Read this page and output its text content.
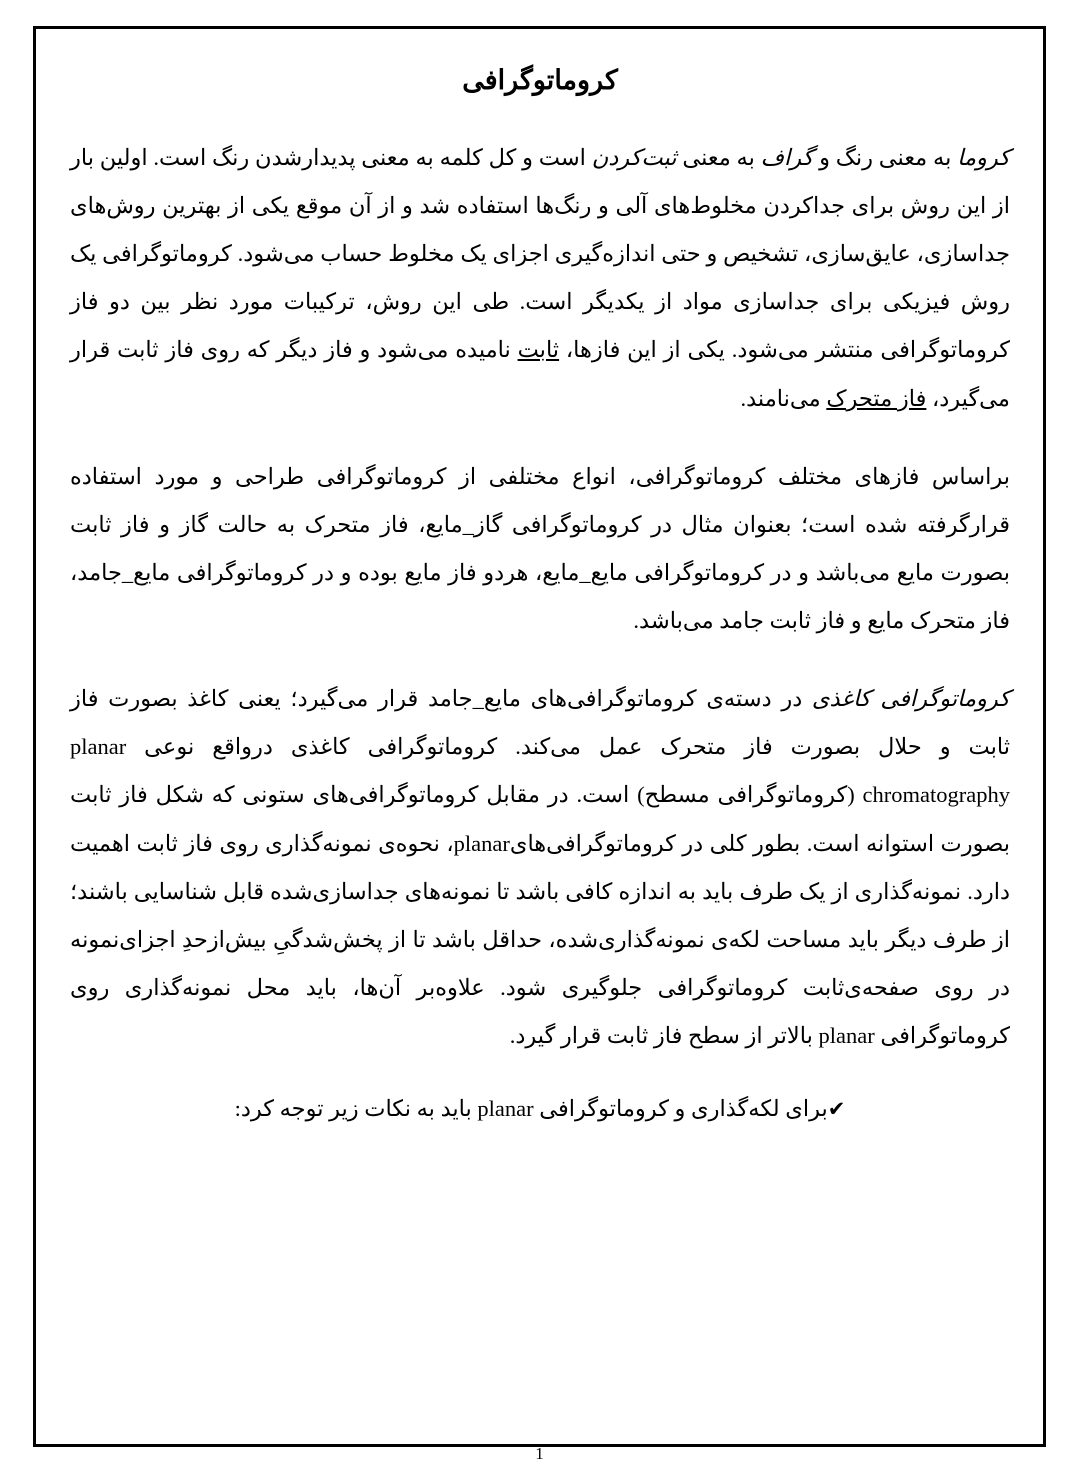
کروماتوگرافی

کروما به معنی رنگ و گراف به معنی ثبت‌کردن است و کل کلمه به معنی پدیدارشدن رنگ است. اولین بار از این روش برای جداکردن مخلوط‌های آلی و رنگ‌ها استفاده شد و از آن موقع یکی از بهترین روش‌های جداسازی، عایق‌سازی، تشخیص و حتی اندازه‌گیری اجزای یک مخلوط حساب می‌شود. کروماتوگرافی یک روش فیزیکی برای جداسازی مواد از یکدیگر است. طی این روش، ترکیبات مورد نظر بین دو فاز کروماتوگرافی منتشر می‌شود. یکی از این فازها، ثابت نامیده می‌شود و فاز دیگر که روی فاز ثابت قرار می‌گیرد، فاز متحرک می‌نامند.

براساس فازهای مختلف کروماتوگرافی، انواع مختلفی از کروماتوگرافی طراحی و مورد استفاده قرارگرفته شده است؛ بعنوان مثال در کروماتوگرافی گاز_مایع، فاز متحرک به حالت گاز و فاز ثابت بصورت مایع می‌باشد و در کروماتوگرافی مایع_مایع، هردو فاز مایع بوده و در کروماتوگرافی مایع_جامد، فاز متحرک مایع و فاز ثابت جامد می‌باشد.

کروماتوگرافی کاغذی در دسته‌ی کروماتوگرافی‌های مایع_جامد قرار می‌گیرد؛ یعنی کاغذ بصورت فاز ثابت و حلال بصورت فاز متحرک عمل می‌کند. کروماتوگرافی کاغذی درواقع نوعی planar chromatography (کروماتوگرافی مسطح) است. در مقابل کروماتوگرافی‌های ستونی که شکل فاز ثابت بصورت استوانه است. بطور کلی در کروماتوگرافی‌هایplanar، نحوه‌ی نمونه‌گذاری روی فاز ثابت اهمیت دارد. نمونه‌گذاری از یک طرف باید به اندازه کافی باشد تا نمونه‌های جداسازی‌شده قابل شناسایی باشند؛ از طرف دیگر باید مساحت لکه‌ی نمونه‌گذاری‌شده، حداقل باشد تا از پخش‌شدگیِ بیش‌ازحدِ اجزای‌نمونه در روی صفحه‌ی‌ثابت کروماتوگرافی جلوگیری شود. علاوه‌بر آن‌ها، باید محل نمونه‌گذاری روی کروماتوگرافی planar بالاتر از سطح فاز ثابت قرار گیرد.

✔برای لکه‌گذاری و کروماتوگرافی planar باید به نکات زیر توجه کرد:

1
